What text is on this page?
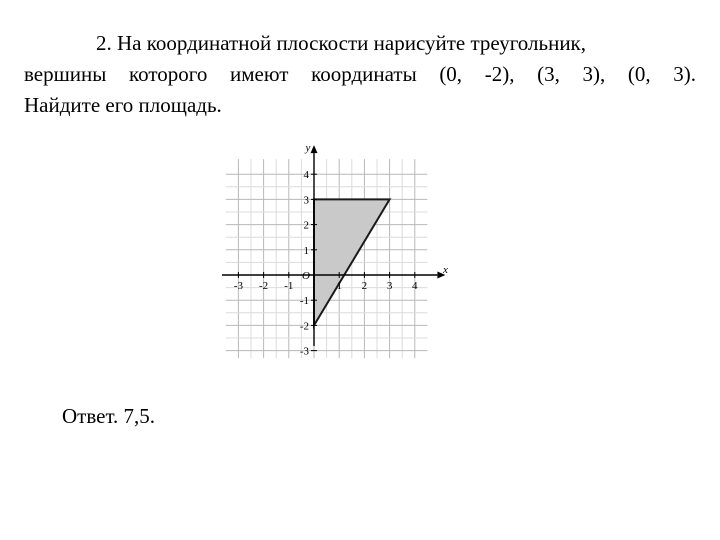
2. На координатной плоскости нарисуйте треугольник,
вершины которого имеют координаты (0, -2), (3, 3), (0, 3).
Найдите его площадь.
-3 -2 -1	1 2 3 4
-3
-2
-1
1
2
3
4
O	x
y
Ответ. 7,5.
